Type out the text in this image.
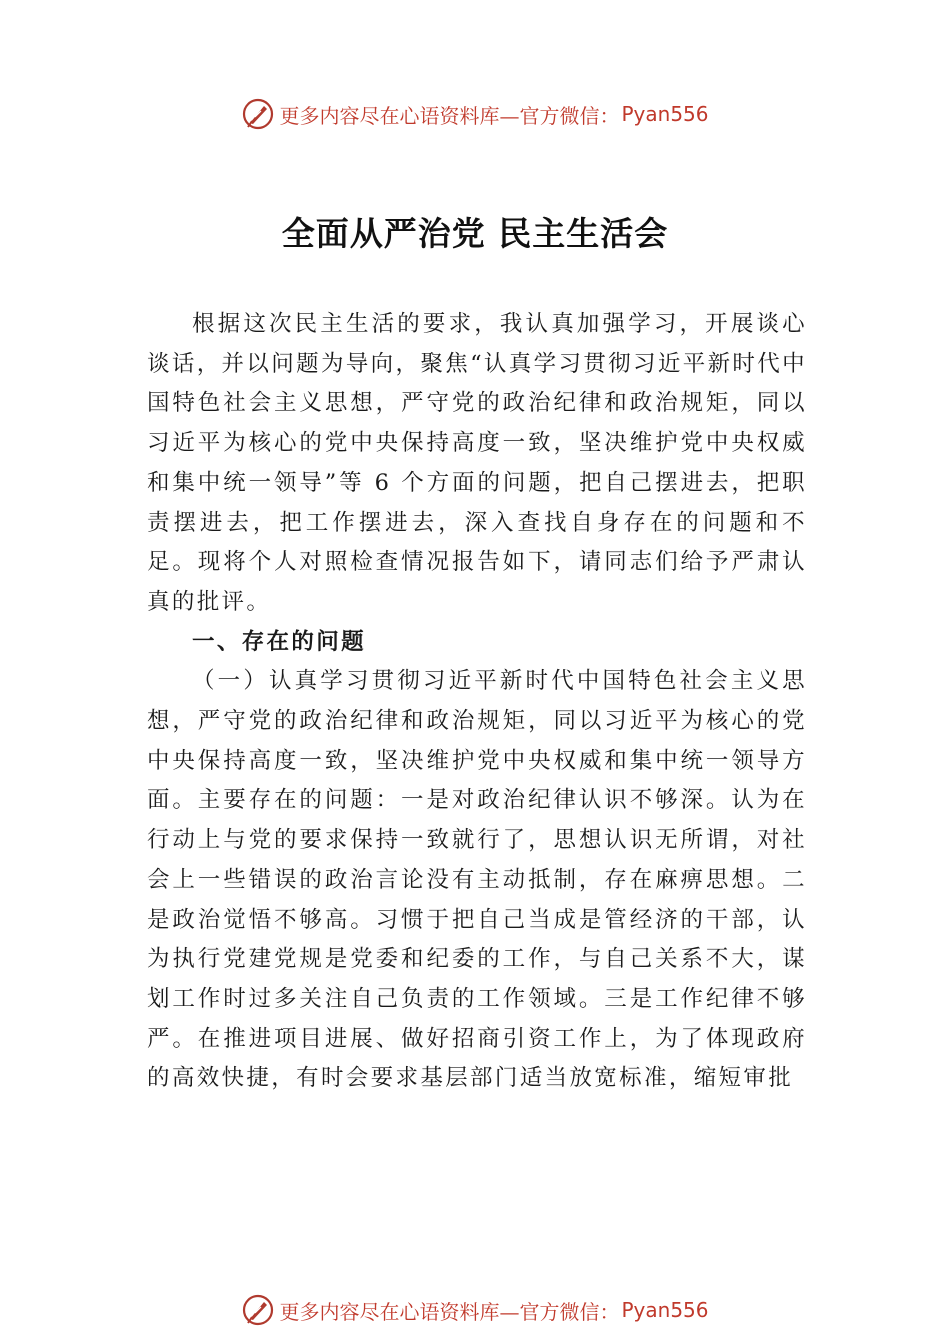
更多内容尽在心语资料库—官方微信： Pyan556
全面从严治党 民主生活会

根据这次民主生活的要求，我认真加强学习，开展谈心谈话，并以问题为导向，聚焦“认真学习贯彻习近平新时代中国特色社会主义思想，严守党的政治纪律和政治规矩，同以习近平为核心的党中央保持高度一致，坚决维护党中央权威和集中统一领导”等 6 个方面的问题，把自己摆进去，把职责摆进去，把工作摆进去，深入查找自身存在的问题和不足。现将个人对照检查情况报告如下，请同志们给予严肃认真的批评。

一、存在的问题

（一）认真学习贯彻习近平新时代中国特色社会主义思想，严守党的政治纪律和政治规矩，同以习近平为核心的党中央保持高度一致，坚决维护党中央权威和集中统一领导方面。主要存在的问题：一是对政治纪律认识不够深。认为在行动上与党的要求保持一致就行了，思想认识无所谓，对社会上一些错误的政治言论没有主动抵制，存在麻痹思想。二是政治觉悟不够高。习惯于把自己当成是管经济的干部，认为执行党建党规是党委和纪委的工作，与自己关系不大，谋划工作时过多关注自己负责的工作领域。三是工作纪律不够严。在推进项目进展、做好招商引资工作上，为了体现政府的高效快捷，有时会要求基层部门适当放宽标准，缩短审批

更多内容尽在心语资料库—官方微信： Pyan556
